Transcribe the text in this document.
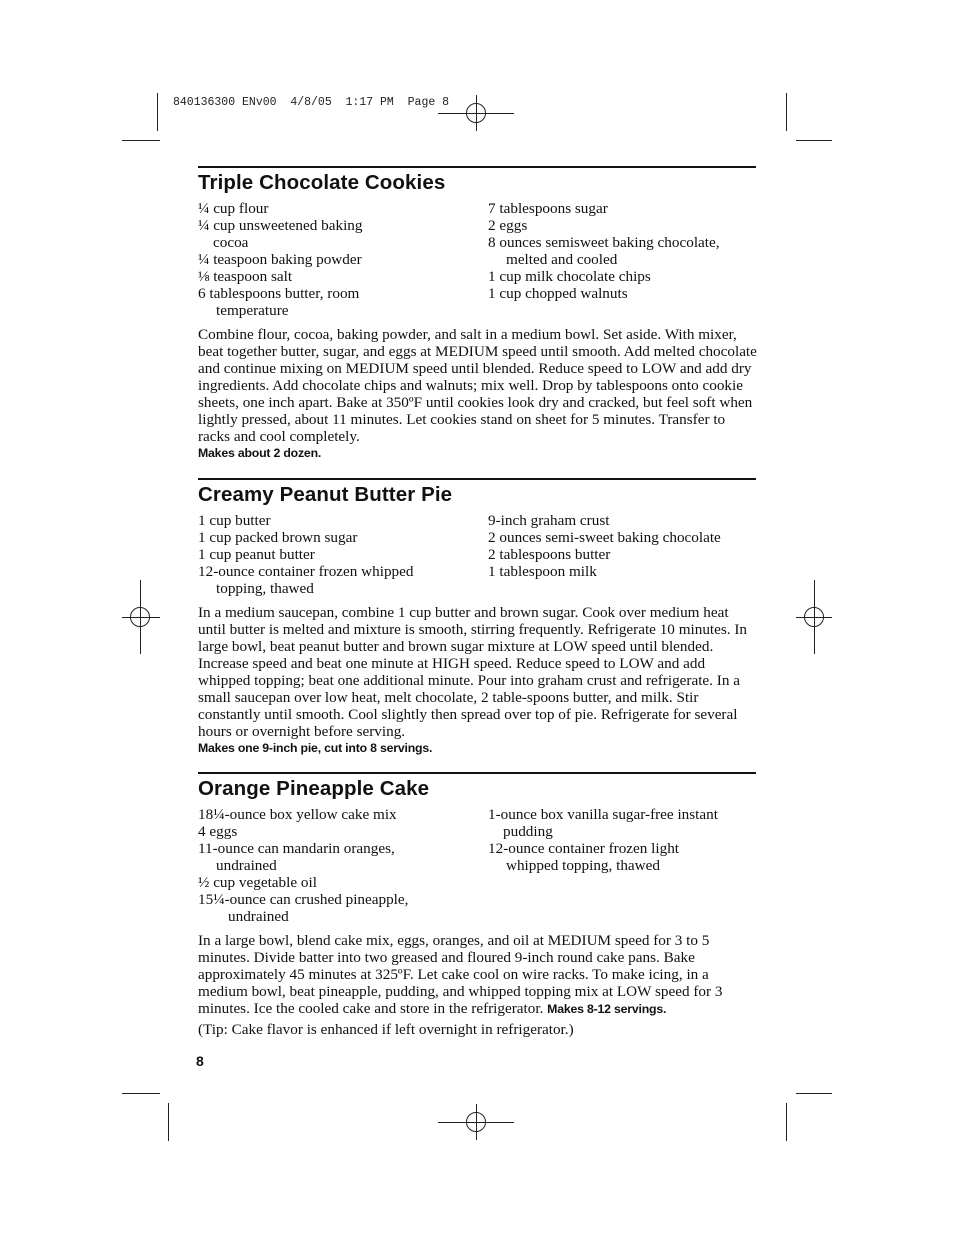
840136300 ENv00  4/8/05  1:17 PM  Page 8
Triple Chocolate Cookies

¼ cup flour

¼ cup unsweetened baking cocoa

¼ teaspoon baking powder

⅛ teaspoon salt

6 tablespoons butter, room temperature

7 tablespoons sugar

2 eggs

8 ounces semisweet baking chocolate, melted and cooled

1 cup milk chocolate chips

1 cup chopped walnuts

Combine flour, cocoa, baking powder, and salt in a medium bowl. Set aside. With mixer, beat together butter, sugar, and eggs at MEDIUM speed until smooth. Add melted chocolate and continue mixing on MEDIUM speed until blended. Reduce speed to LOW and add dry ingredients. Add chocolate chips and walnuts; mix well. Drop by tablespoons onto cookie sheets, one inch apart. Bake at 350ºF until cookies look dry and cracked, but feel soft when lightly pressed, about 11 minutes. Let cookies stand on sheet for 5 minutes. Transfer to racks and cool completely.

Makes about 2 dozen.

Creamy Peanut Butter Pie

1 cup butter

1 cup packed brown sugar

1 cup peanut butter

12-ounce container frozen whipped topping, thawed

9-inch graham crust

2 ounces semi-sweet baking chocolate

2 tablespoons butter

1 tablespoon milk

In a medium saucepan, combine 1 cup butter and brown sugar. Cook over medium heat until butter is melted and mixture is smooth, stirring frequently. Refrigerate 10 minutes. In large bowl, beat peanut butter and brown sugar mixture at LOW speed until blended. Increase speed and beat one minute at HIGH speed. Reduce speed to LOW and add whipped topping; beat one additional minute. Pour into graham crust and refrigerate. In a small saucepan over low heat, melt chocolate, 2 table-spoons butter, and milk. Stir constantly until smooth. Cool slightly then spread over top of pie. Refrigerate for several hours or overnight before serving.

Makes one 9-inch pie, cut into 8 servings.

Orange Pineapple Cake

18¼-ounce box yellow cake mix

4 eggs

11-ounce can mandarin oranges, undrained

½ cup vegetable oil

15¼-ounce can crushed pineapple, undrained

1-ounce box vanilla sugar-free instant pudding

12-ounce container frozen light whipped topping, thawed

In a large bowl, blend cake mix, eggs, oranges, and oil at MEDIUM speed for 3 to 5 minutes. Divide batter into two greased and floured 9-inch round cake pans. Bake approximately 45 minutes at 325ºF. Let cake cool on wire racks. To make icing, in a medium bowl, beat pineapple, pudding, and whipped topping mix at LOW speed for 3 minutes. Ice the cooled cake and store in the refrigerator. Makes 8-12 servings.

(Tip: Cake flavor is enhanced if left overnight in refrigerator.)

8
